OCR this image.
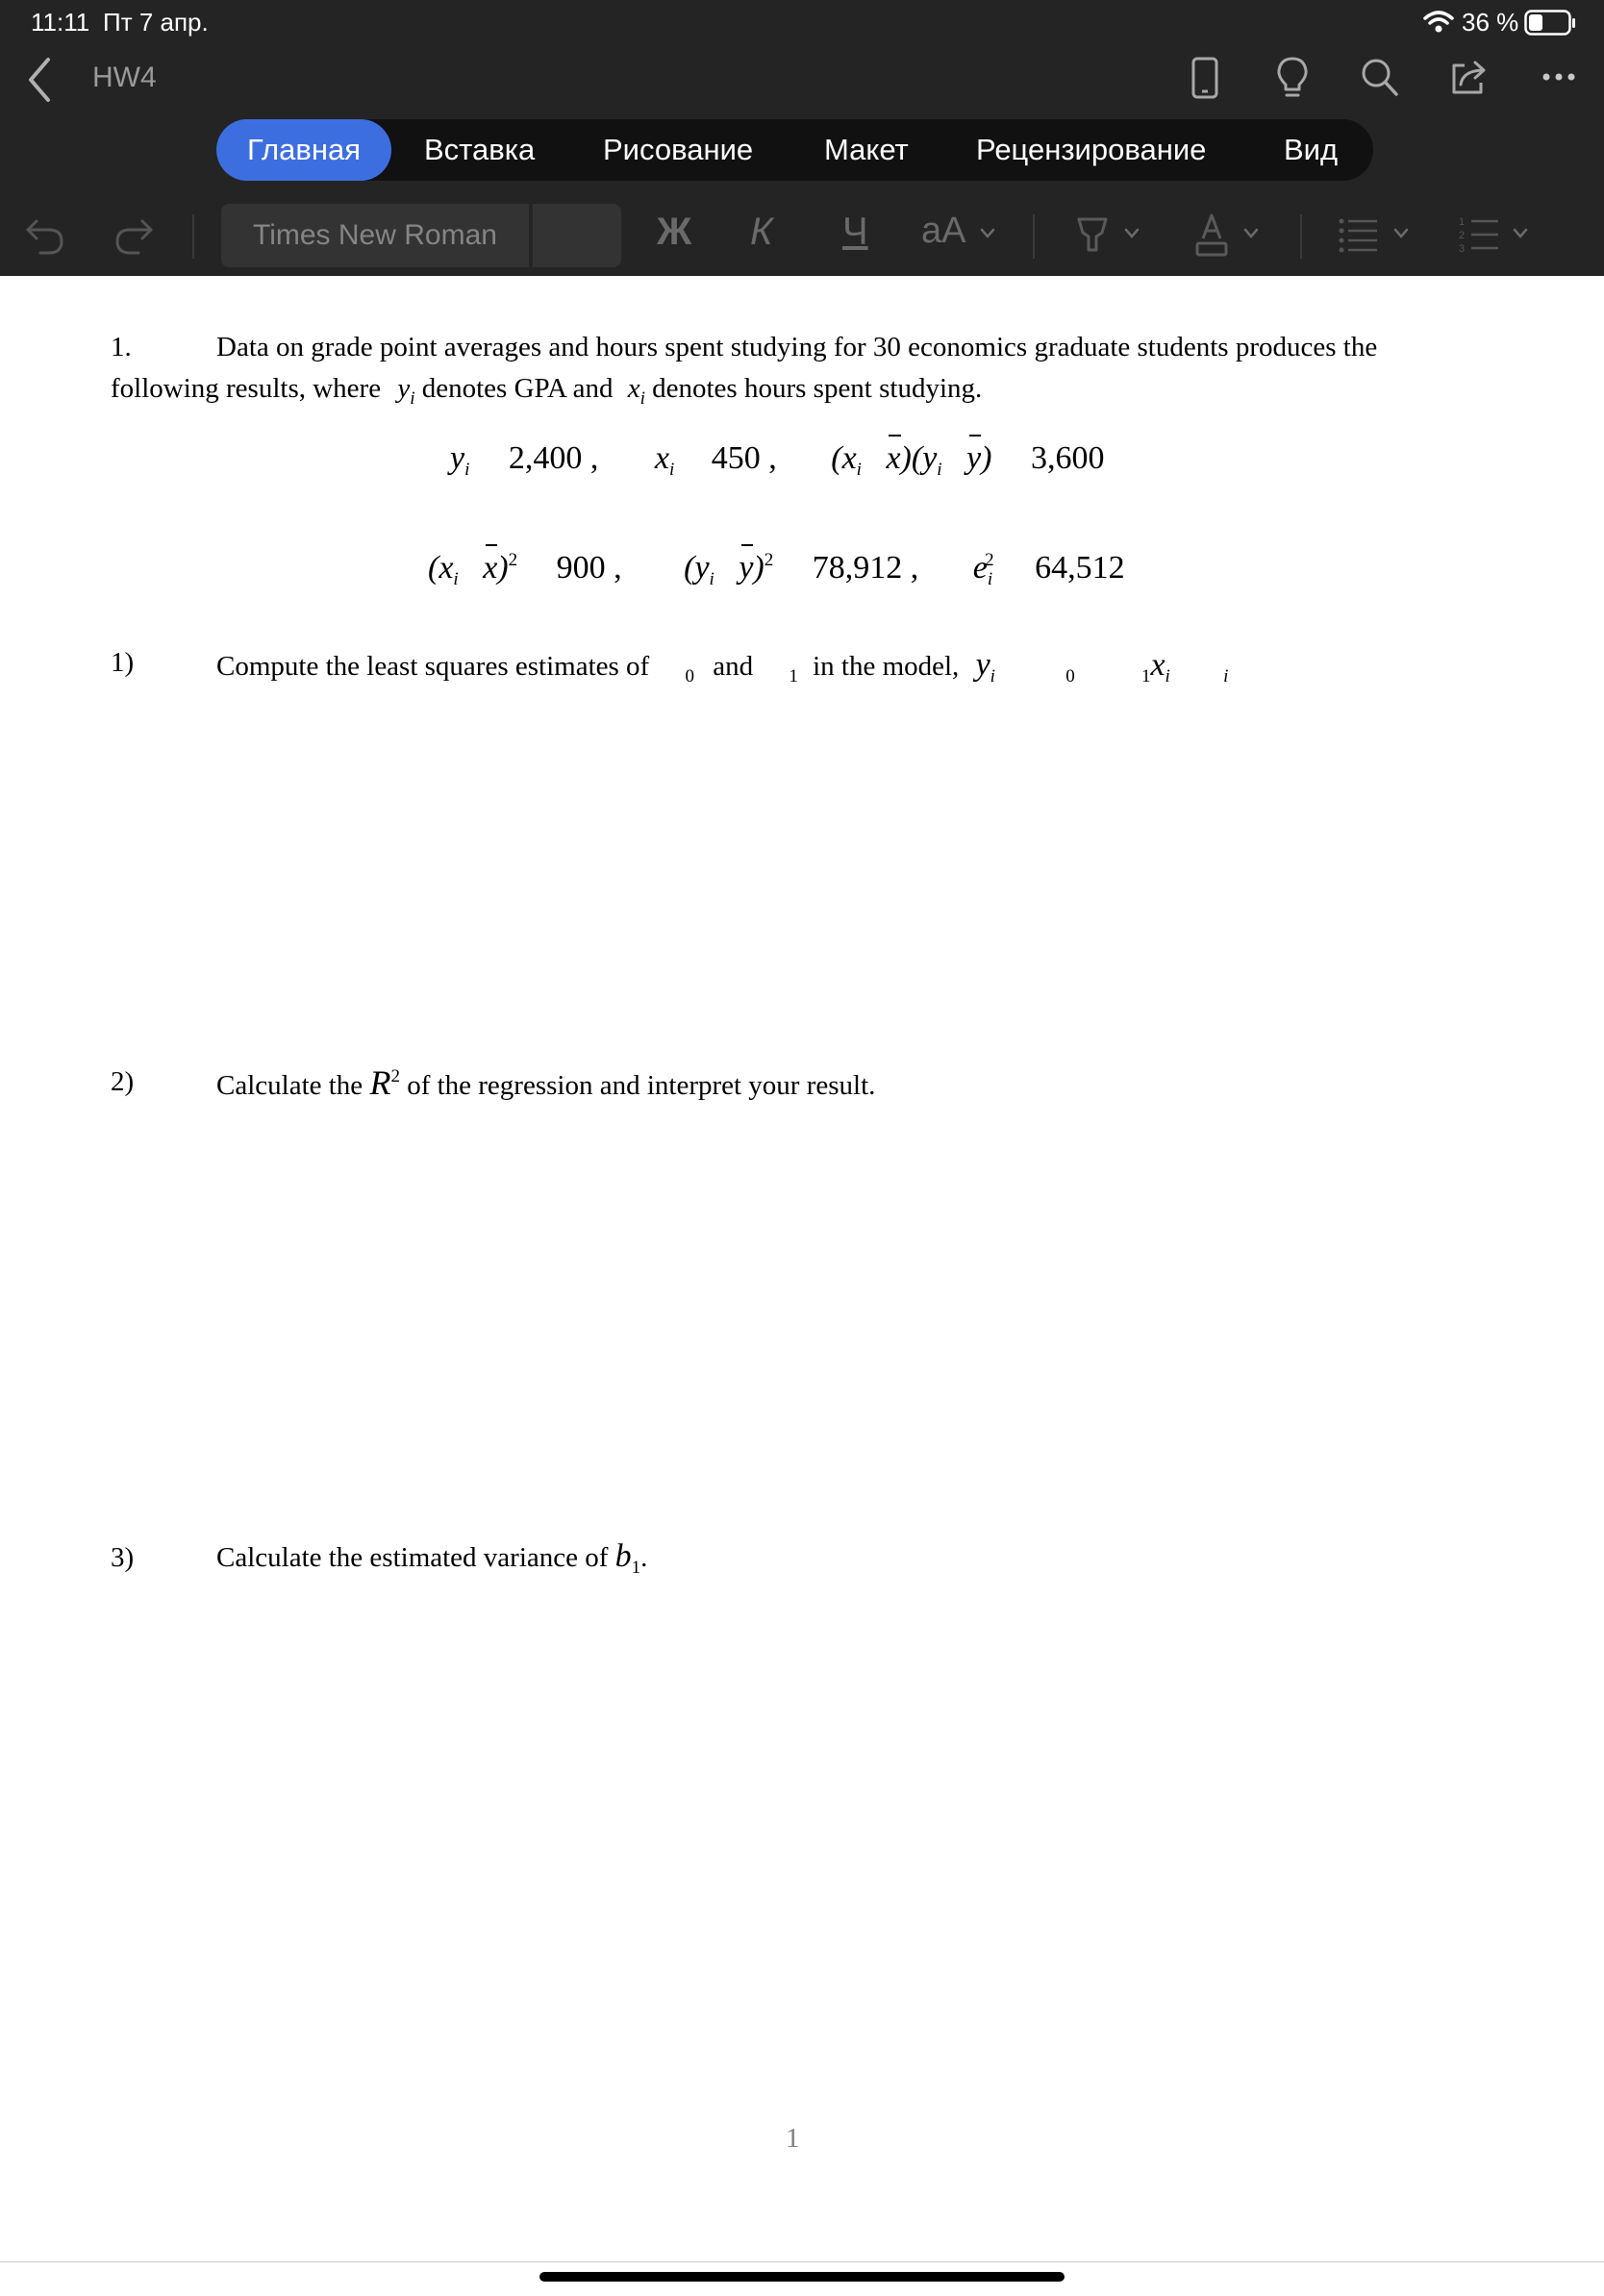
11:11 Пт 7 апр.	36 %
HW4
Главная	Вставка Рисование Макет Рецензирование	Вид
Times New Roman	Ж К Ч aA	1
2
3
1.	Data on grade point averages and hours spent studying for 30 economics graduate students produces the
following results, where $y_i$ denotes GPA and $x_i$ denotes hours spent studying.
$y_i$ 2,400 , $x_i$ 450 , ($x_i$ $x)(y_i$ y) 3,600
($x_i$ x)$^2$ 900 , ($y_i$ y)$^2$ 78,912 , $e_i^2$ 64,512
1)	Compute the least squares estimates of $_0$ and $_1$ in the model, $y_i$	$_0$	$_1x_i$	$_i$
2)	Calculate the $R^2$ of the regression and interpret your result.
3)	Calculate the estimated variance of $b_1$.
1
